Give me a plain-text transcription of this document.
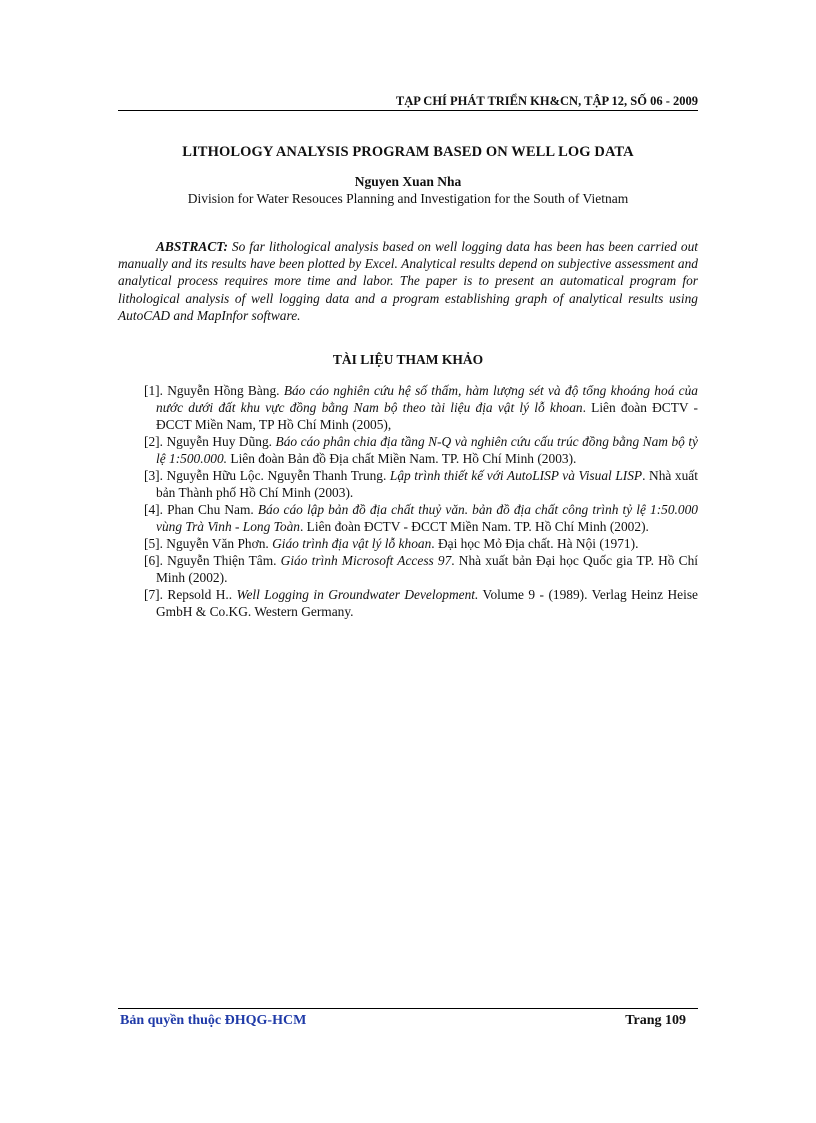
TẠP CHÍ PHÁT TRIỂN KH&CN, TẬP 12, SỐ 06 - 2009
LITHOLOGY ANALYSIS PROGRAM BASED ON WELL LOG DATA
Nguyen Xuan Nha
Division for Water Resouces Planning and Investigation for the South of Vietnam

ABSTRACT: So far lithological analysis based on well logging data has been has been carried out manually and its results have been plotted by Excel. Analytical results depend on subjective assessment and analytical process requires more time and labor. The paper is to present an automatical program for lithological analysis of well logging data and a program establishing graph of analytical results using AutoCAD and MapInfor software.

TÀI LIỆU THAM KHẢO
[1]. Nguyễn Hồng Bàng. Báo cáo nghiên cứu hệ số thấm, hàm lượng sét và độ tổng khoáng hoá của nước dưới đất khu vực đồng bằng Nam bộ theo tài liệu địa vật lý lỗ khoan. Liên đoàn ĐCTV - ĐCCT Miền Nam, TP Hồ Chí Minh (2005),
[2]. Nguyễn Huy Dũng. Báo cáo phân chia địa tầng N-Q và nghiên cứu cấu trúc đồng bằng Nam bộ tỷ lệ 1:500.000. Liên đoàn Bản đồ Địa chất Miền Nam. TP. Hồ Chí Minh (2003).
[3]. Nguyễn Hữu Lộc. Nguyễn Thanh Trung. Lập trình thiết kế với AutoLISP và Visual LISP. Nhà xuất bản Thành phố Hồ Chí Minh (2003).
[4]. Phan Chu Nam. Báo cáo lập bản đồ địa chất thuỷ văn. bản đồ địa chất công trình tỷ lệ 1:50.000 vùng Trà Vinh - Long Toàn. Liên đoàn ĐCTV - ĐCCT Miền Nam. TP. Hồ Chí Minh (2002).
[5]. Nguyễn Văn Phơn. Giáo trình địa vật lý lỗ khoan. Đại học Mỏ Địa chất. Hà Nội (1971).
[6]. Nguyễn Thiện Tâm. Giáo trình Microsoft Access 97. Nhà xuất bản Đại học Quốc gia TP. Hồ Chí Minh (2002).
[7]. Repsold H.. Well Logging in Groundwater Development. Volume 9 - (1989). Verlag Heinz Heise GmbH & Co.KG. Western Germany.
Bản quyền thuộc ĐHQG-HCM	Trang 109
